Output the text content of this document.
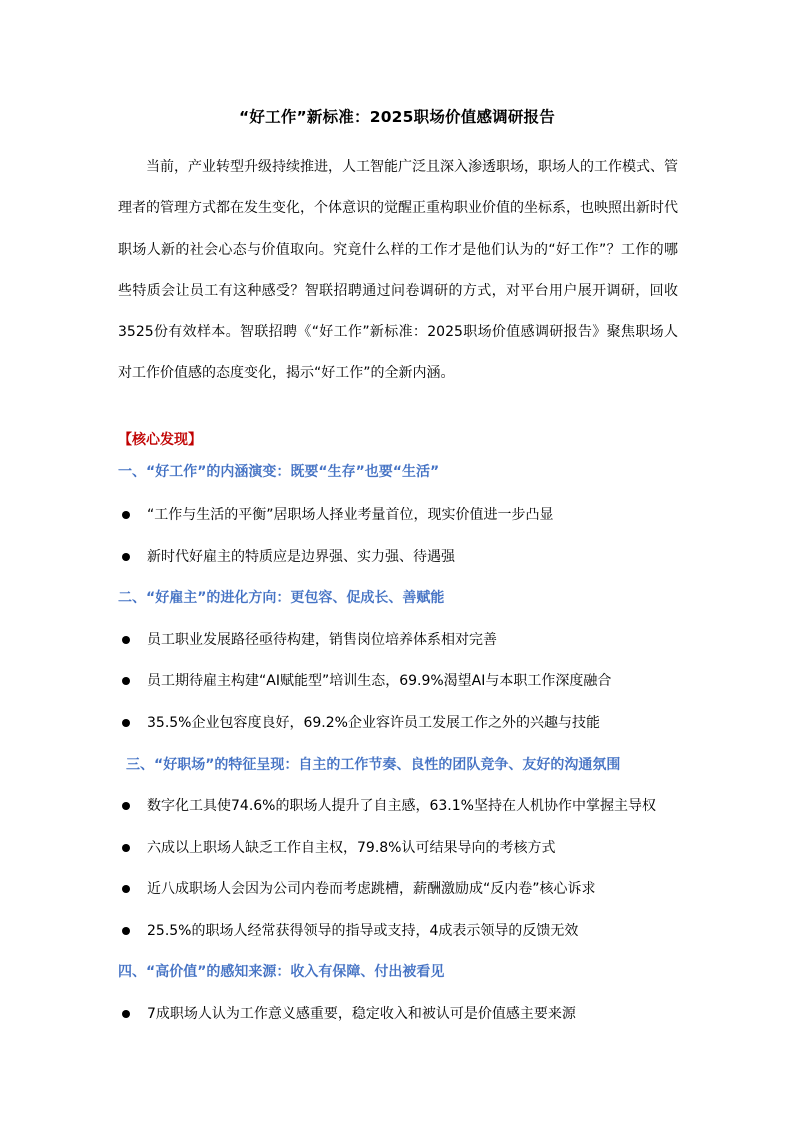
“好工作”新标准：2025职场价值感调研报告
当前，产业转型升级持续推进，人工智能广泛且深入渗透职场，职场人的工作模式、管
理者的管理方式都在发生变化，个体意识的觉醒正重构职业价值的坐标系，也映照出新时代
职场人新的社会心态与价值取向。究竟什么样的工作才是他们认为的“好工作”？工作的哪
些特质会让员工有这种感受？智联招聘通过问卷调研的方式，对平台用户展开调研，回收
3525份有效样本。智联招聘《“好工作”新标准：2025职场价值感调研报告》聚焦职场人
对工作价值感的态度变化，揭示“好工作”的全新内涵。
【核心发现】
一、“好工作”的内涵演变：既要“生存”也要“生活”
“工作与生活的平衡”居职场人择业考量首位，现实价值进一步凸显
新时代好雇主的特质应是边界强、实力强、待遇强
二、“好雇主”的进化方向：更包容、促成长、善赋能
员工职业发展路径亟待构建，销售岗位培养体系相对完善
员工期待雇主构建“AI赋能型”培训生态，69.9%渴望AI与本职工作深度融合
35.5%企业包容度良好，69.2%企业容许员工发展工作之外的兴趣与技能
三、“好职场”的特征呈现：自主的工作节奏、良性的团队竞争、友好的沟通氛围
数字化工具使74.6%的职场人提升了自主感，63.1%坚持在人机协作中掌握主导权
六成以上职场人缺乏工作自主权，79.8%认可结果导向的考核方式
近八成职场人会因为公司内卷而考虑跳槽，薪酬激励成“反内卷”核心诉求
25.5%的职场人经常获得领导的指导或支持，4成表示领导的反馈无效
四、“高价值”的感知来源：收入有保障、付出被看见
7成职场人认为工作意义感重要，稳定收入和被认可是价值感主要来源
